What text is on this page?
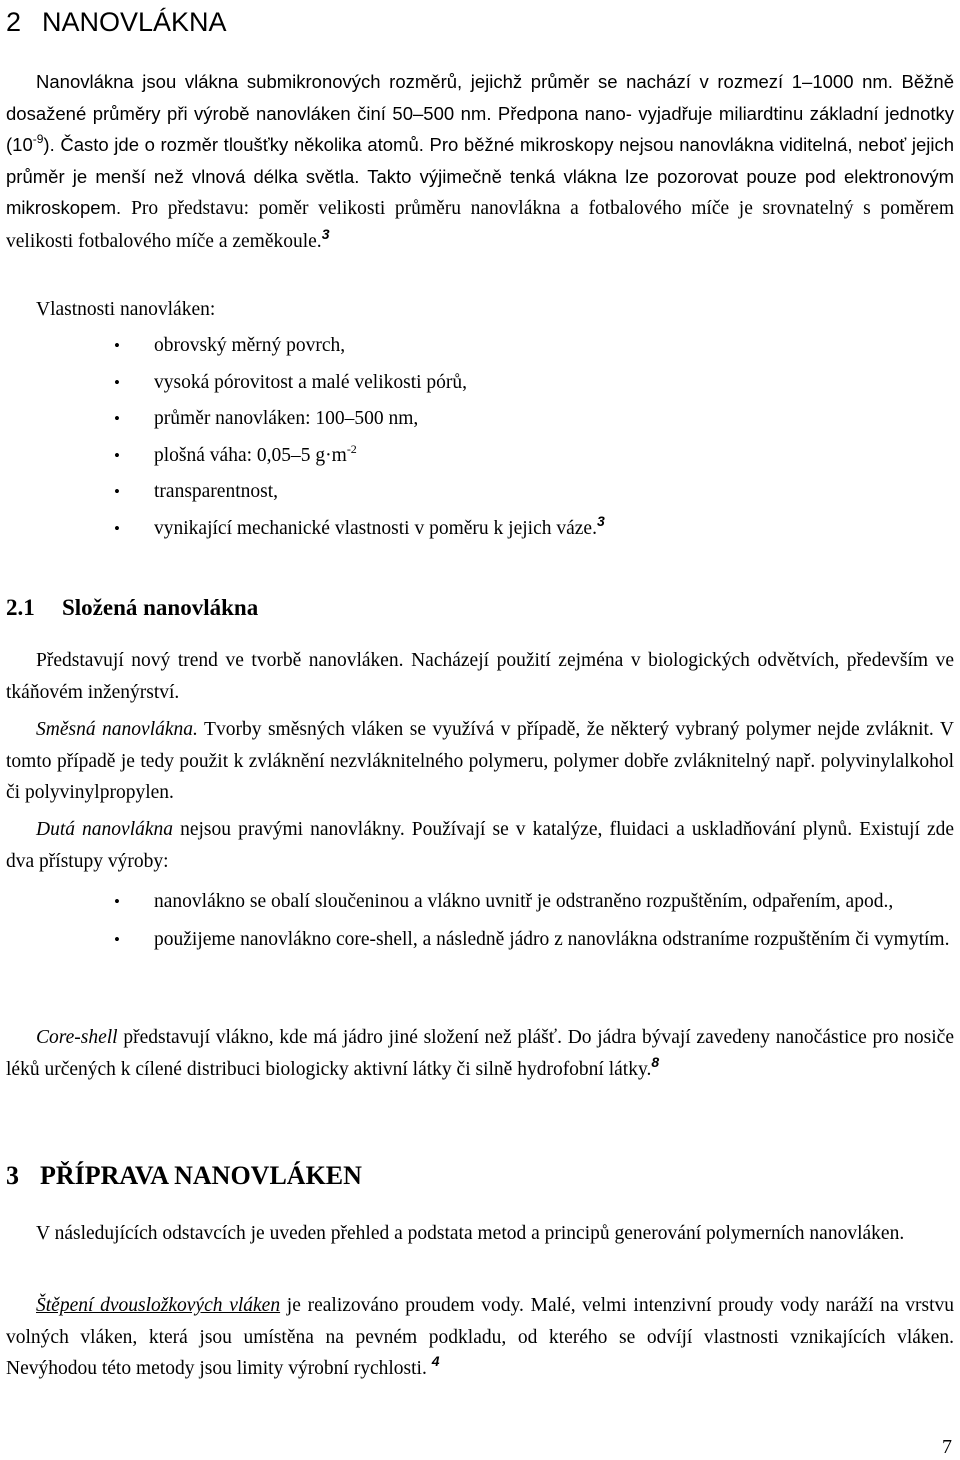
2 NANOVLÁKNA

Nanovlákna jsou vlákna submikronových rozměrů, jejichž průměr se nachází v rozmezí 1–1000 nm. Běžně dosažené průměry při výrobě nanovláken činí 50–500 nm. Předpona nano- vyjadřuje miliardtinu základní jednotky $(10^{-9})$. Často jde o rozměr tloušťky několika atomů. Pro běžné mikroskopy nejsou nanovlákna viditelná, neboť jejich průměr je menší než vlnová délka světla. Takto výjimečně tenká vlákna lze pozorovat pouze pod elektronovým mikroskopem. Pro představu: poměr velikosti průměru nanovlákna a fotbalového míče je srovnatelný s poměrem velikosti fotbalového míče a zeměkoule.$^3$

Vlastnosti nanovláken:

• obrovský měrný povrch,
• vysoká pórovitost a malé velikosti pórů,
• průměr nanovláken: 100–500 nm,
• plošná váha: 0,05–5 $g\cdot m^{-2}$
• transparentnost,
• vynikající mechanické vlastnosti v poměru k jejich váze.$^3$
2.1 Složená nanovlákna

Představují nový trend ve tvorbě nanovláken. Nacházejí použití zejména v biologických odvětvích, především ve tkáňovém inženýrství.

Směsná nanovlákna. Tvorby směsných vláken se využívá v případě, že některý vybraný polymer nejde zvláknit. V tomto případě je tedy použit k zvláknění nezvláknitelného polymeru, polymer dobře zvláknitelný např. polyvinylalkohol či polyvinylpropylen.

Dutá nanovlákna nejsou pravými nanovlákny. Používají se v katalýze, fluidaci a uskladňování plynů. Existují zde dva přístupy výroby:

• nanovlákno se obalí sloučeninou a vlákno uvnitř je odstraněno rozpuštěním, odpařením, apod.,
• použijeme nanovlákno core-shell, a následně jádro z nanovlákna odstraníme rozpuštěním či vymytím.

Core-shell představují vlákno, kde má jádro jiné složení než plášť. Do jádra bývají zavedeny nanočástice pro nosiče léků určených k cílené distribuci biologicky aktivní látky či silně hydrofobní látky.$^8$

3 PŘÍPRAVA NANOVLÁKEN

V následujících odstavcích je uveden přehled a podstata metod a principů generování polymerních nanovláken.

Štěpení dvousložkových vláken je realizováno proudem vody. Malé, velmi intenzivní proudy vody naráží na vrstvu volných vláken, která jsou umístěna na pevném podkladu, od kterého se odvíjí vlastnosti vznikajících vláken. Nevýhodou této metody jsou limity výrobní rychlosti. $^4$

7
